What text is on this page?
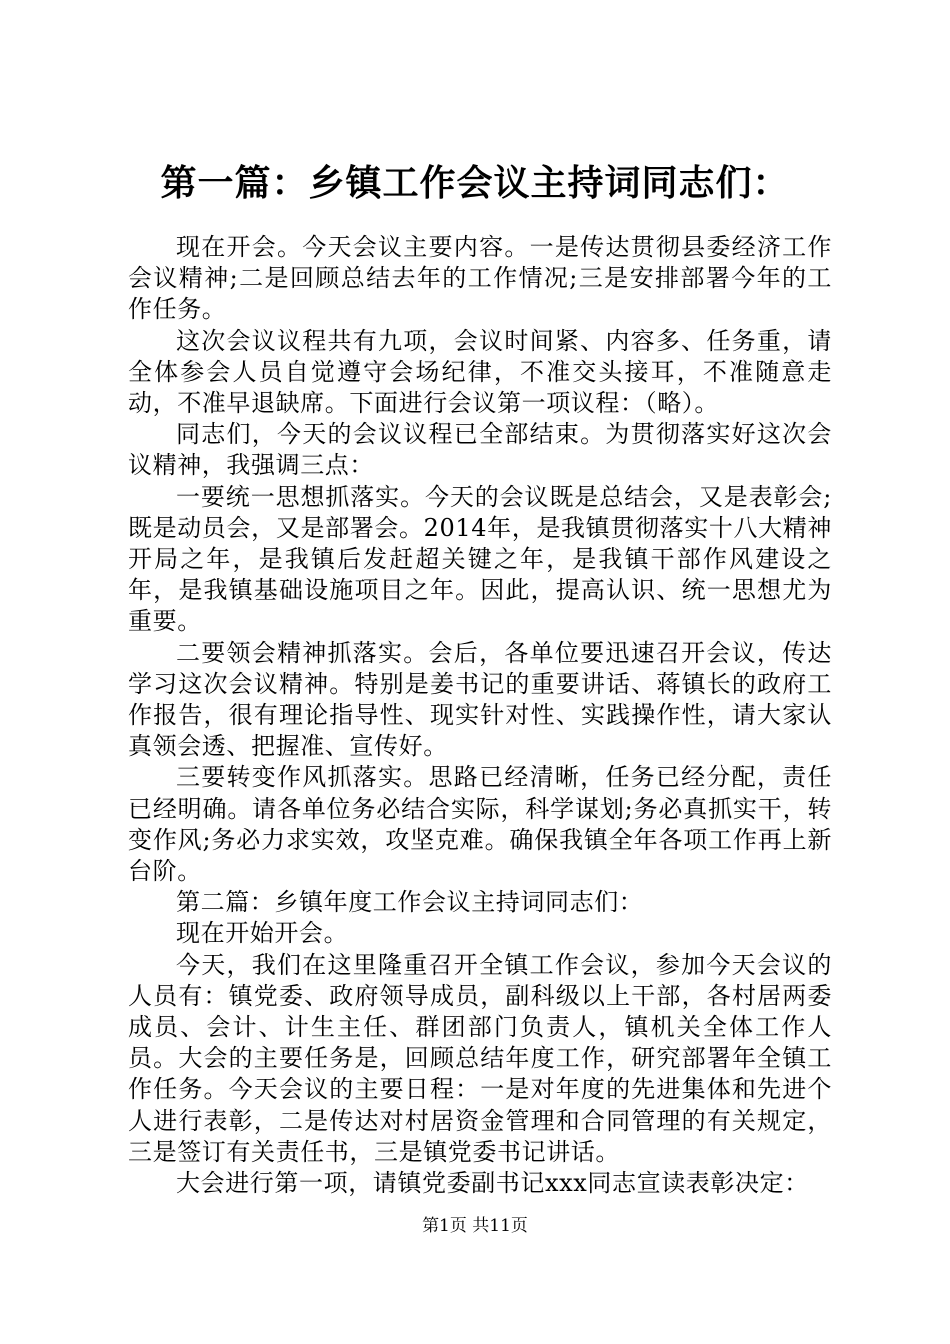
第一篇：乡镇工作会议主持词同志们：

现在开会。今天会议主要内容。一是传达贯彻县委经济工作会议精神;二是回顾总结去年的工作情况;三是安排部署今年的工作任务。

这次会议议程共有九项，会议时间紧、内容多、任务重，请全体参会人员自觉遵守会场纪律，不准交头接耳，不准随意走动，不准早退缺席。下面进行会议第一项议程：（略）。

同志们，今天的会议议程已全部结束。为贯彻落实好这次会议精神，我强调三点：

一要统一思想抓落实。今天的会议既是总结会，又是表彰会;既是动员会，又是部署会。2014年，是我镇贯彻落实十八大精神开局之年，是我镇后发赶超关键之年，是我镇干部作风建设之年，是我镇基础设施项目之年。因此，提高认识、统一思想尤为重要。

二要领会精神抓落实。会后，各单位要迅速召开会议，传达学习这次会议精神。特别是姜书记的重要讲话、蒋镇长的政府工作报告，很有理论指导性、现实针对性、实践操作性，请大家认真领会透、把握准、宣传好。

三要转变作风抓落实。思路已经清晰，任务已经分配，责任已经明确。请各单位务必结合实际，科学谋划;务必真抓实干，转变作风;务必力求实效，攻坚克难。确保我镇全年各项工作再上新台阶。

第二篇：乡镇年度工作会议主持词同志们：

现在开始开会。

今天，我们在这里隆重召开全镇工作会议，参加今天会议的人员有：镇党委、政府领导成员，副科级以上干部，各村居两委成员、会计、计生主任、群团部门负责人，镇机关全体工作人员。大会的主要任务是，回顾总结年度工作，研究部署年全镇工作任务。今天会议的主要日程：一是对年度的先进集体和先进个人进行表彰，二是传达对村居资金管理和合同管理的有关规定，三是签订有关责任书，三是镇党委书记讲话。

大会进行第一项，请镇党委副书记xxx同志宣读表彰决定：

第1页 共11页
